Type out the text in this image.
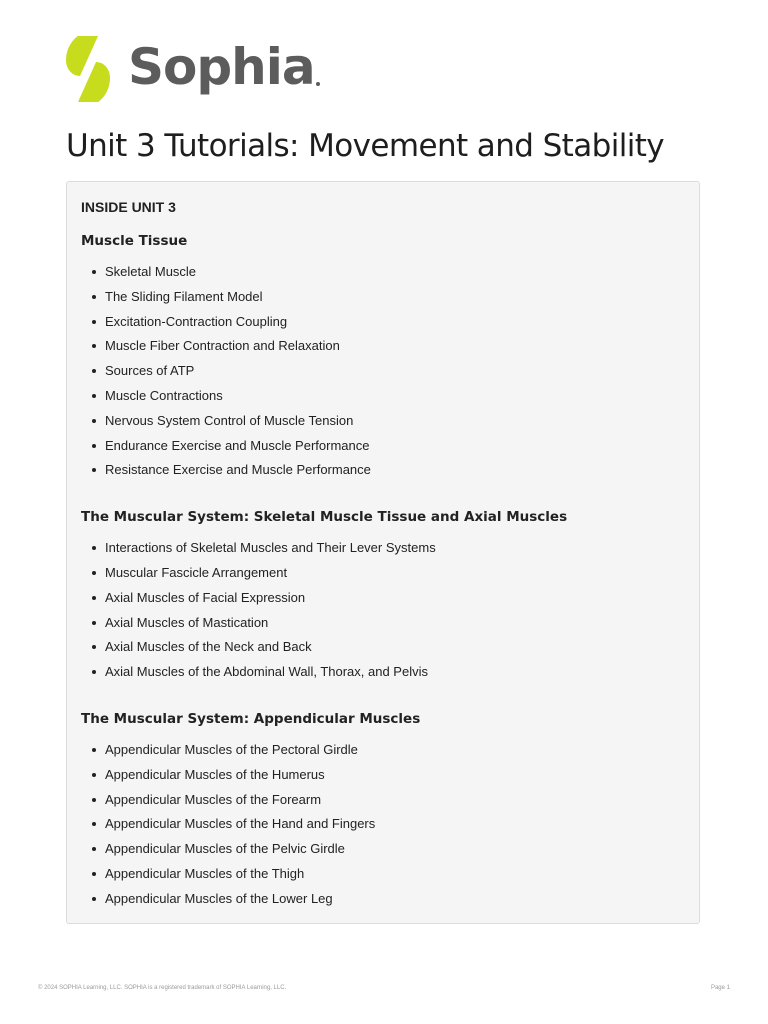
Sophia
Unit 3 Tutorials: Movement and Stability
INSIDE UNIT 3
Muscle Tissue
Skeletal Muscle
The Sliding Filament Model
Excitation-Contraction Coupling
Muscle Fiber Contraction and Relaxation
Sources of ATP
Muscle Contractions
Nervous System Control of Muscle Tension
Endurance Exercise and Muscle Performance
Resistance Exercise and Muscle Performance
The Muscular System: Skeletal Muscle Tissue and Axial Muscles
Interactions of Skeletal Muscles and Their Lever Systems
Muscular Fascicle Arrangement
Axial Muscles of Facial Expression
Axial Muscles of Mastication
Axial Muscles of the Neck and Back
Axial Muscles of the Abdominal Wall, Thorax, and Pelvis
The Muscular System: Appendicular Muscles
Appendicular Muscles of the Pectoral Girdle
Appendicular Muscles of the Humerus
Appendicular Muscles of the Forearm
Appendicular Muscles of the Hand and Fingers
Appendicular Muscles of the Pelvic Girdle
Appendicular Muscles of the Thigh
Appendicular Muscles of the Lower Leg
© 2024 SOPHIA Learning, LLC. SOPHIA is a registered trademark of SOPHIA Learning, LLC.	Page 1
